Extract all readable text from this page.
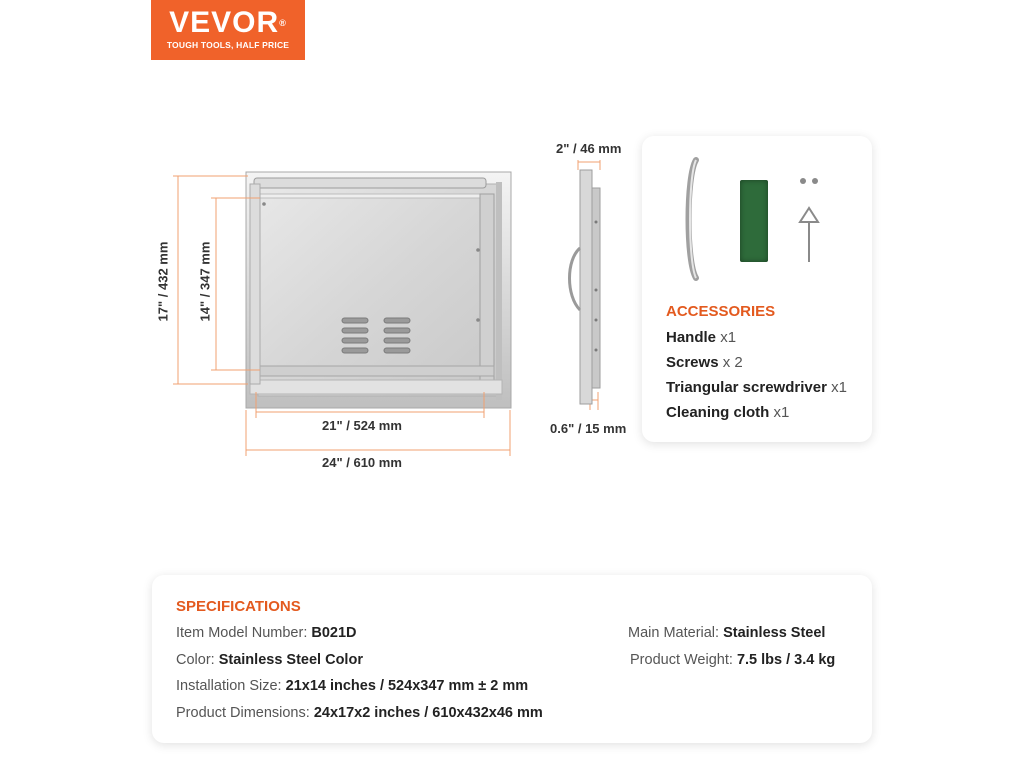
VEVOR®
TOUGH TOOLS, HALF PRICE
2" / 46 mm
17" / 432 mm 14" / 347 mm
21" / 524 mm
24" / 610 mm
0.6" / 15 mm
ACCESSORIES
Handle x1
Screws x 2
Triangular screwdriver x1
Cleaning cloth x1
SPECIFICATIONS
Item Model Number: B021D
Color: Stainless Steel Color
Installation Size: 21x14 inches / 524x347 mm ± 2 mm
Product Dimensions: 24x17x2 inches / 610x432x46 mm
Main Material: Stainless Steel
Product Weight: 7.5 lbs / 3.4 kg
